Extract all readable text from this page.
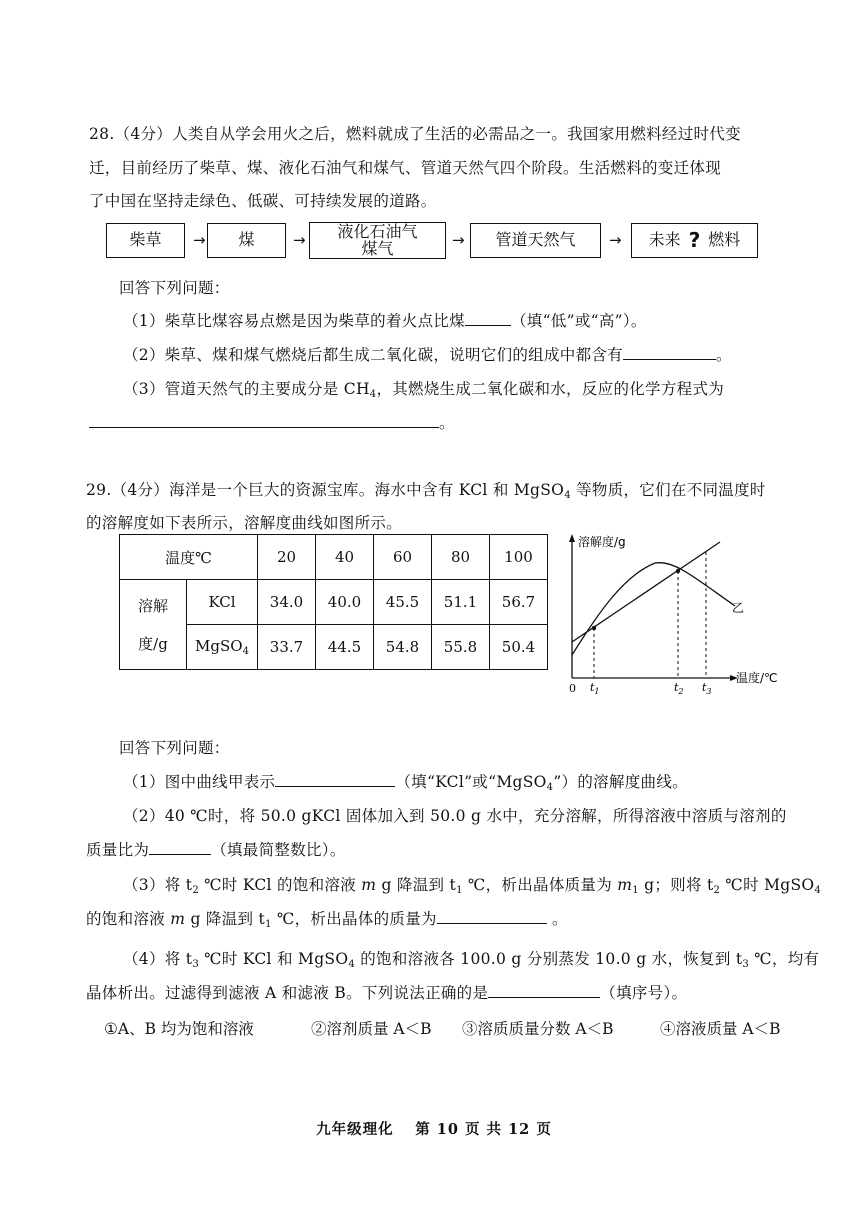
28.（4分）人类自从学会用火之后，燃料就成了生活的必需品之一。我国家用燃料经过时代变
迁，目前经历了柴草、煤、液化石油气和煤气、管道天然气四个阶段。生活燃料的变迁体现
了中国在坚持走绿色、低碳、可持续发展的道路。
柴草	→	煤	→ 液化石油气
煤气	→	管道天然气	→ 未来 ? 燃料
回答下列问题：
（1）柴草比煤容易点燃是因为柴草的着火点比煤	（填“低”或“高”）。
（2）柴草、煤和煤气燃烧后都生成二氧化碳，说明它们的组成中都含有	。
（3）管道天然气的主要成分是 $CH_4$，其燃烧生成二氧化碳和水，反应的化学方程式为
。
29.（4分）海洋是一个巨大的资源宝库。海水中含有 KCl 和 MgSO$_4$ 等物质，它们在不同温度时
的溶解度如下表所示，溶解度曲线如图所示。
温度℃		20	40	60	80	100
溶解
度/g	KCl	34.0	40.0	45.5	51.1	56.7
	MgSO$_4$	33.7	44.5	54.8	55.8	50.4
溶解度/g
温度/℃
0 $t_1$	$t_2$ $t_3$
乙
回答下列问题：
（1）图中曲线甲表示	（填“KCl”或“MgSO$_4$”）的溶解度曲线。
（2）40 ℃时，将 50.0 gKCl 固体加入到 50.0 g 水中，充分溶解，所得溶液中溶质与溶剂的
质量比为	（填最简整数比）。
（3）将 $t_2$ ℃时 KCl 的饱和溶液 m g 降温到 $t_1$ ℃，析出晶体质量为 $m_1$ g；则将 $t_2$ ℃时 MgSO$_4$
的饱和溶液 m g 降温到 $t_1$ ℃，析出晶体的质量为	。
（4）将 $t_3$ ℃时 KCl 和 MgSO$_4$ 的饱和溶液各 100.0 g 分别蒸发 10.0 g 水，恢复到 $t_3$ ℃，均有
晶体析出。过滤得到滤液 A 和滤液 B。下列说法正确的是	（填序号）。
①A、B 均为饱和溶液	②溶剂质量 A＜B ③溶质质量分数 A＜B	④溶液质量 A＜B
九年级理化　 第 10 页 共 12 页
